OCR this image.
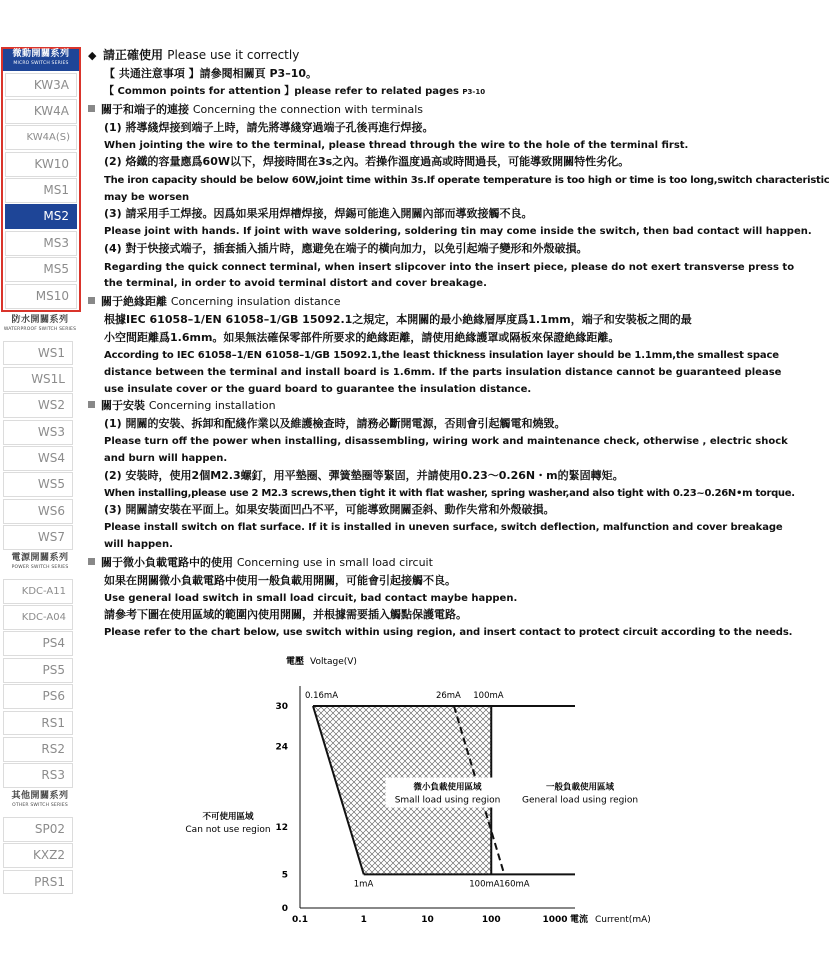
微動開關系列
MICRO SWITCH SERIES
KW3A
KW4A
KW4A(S)
KW10
MS1
MS2
MS3
MS5
MS10
防水開關系列
WATERPROOF SWITCH SERIES
WS1
WS1L
WS2
WS3
WS4
WS5
WS6
WS7
電源開關系列
POWER SWITCH SERIES
KDC-A11
KDC-A04
PS4
PS5
PS6
RS1
RS2
RS3
其他開關系列
OTHER SWITCH SERIES
SP02
KXZ2
PRS1
◆ 請正確使用 Please use it correctly
【 共通注意事項 】請參閱相關頁 P3–10。
【 Common points for attention 】please refer to related pages P3-10
關于和端子的連接 Concerning the connection with terminals
(1) 將導綫焊接到端子上時，請先將導綫穿過端子孔後再進行焊接。
When jointing the wire to the terminal, please thread through the wire to the hole of the terminal first.
(2) 烙鐵的容量應爲60W以下，焊接時間在3s之內。若操作溫度過高或時間過長，可能導致開關特性劣化。
The iron capacity should be below 60W,joint time within 3s.If operate temperature is too high or time is too long,switch characteristic
may be worsen
(3) 請采用手工焊接。因爲如果采用焊槽焊接，焊錫可能進入開關內部而導致接觸不良。
Please joint with hands. If joint with wave soldering, soldering tin may come inside the switch, then bad contact will happen.
(4) 對于快接式端子，插套插入插片時，應避免在端子的橫向加力，以免引起端子變形和外殼破損。
Regarding the quick connect terminal, when insert slipcover into the insert piece, please do not exert transverse press to
the terminal, in order to avoid terminal distort and cover breakage.
關于絶緣距離 Concerning insulation distance
根據IEC 61058–1/EN 61058–1/GB 15092.1之規定，本開關的最小絶緣層厚度爲1.1mm，端子和安裝板之間的最
小空間距離爲1.6mm。如果無法確保零部件所要求的絶緣距離，請使用絶緣護罩或隔板來保證絶緣距離。
According to IEC 61058–1/EN 61058–1/GB 15092.1,the least thickness insulation layer should be 1.1mm,the smallest space
distance between the terminal and install board is 1.6mm. If the parts insulation distance cannot be guaranteed please
use insulate cover or the guard board to guarantee the insulation distance.
關于安裝 Concerning installation
(1) 開關的安裝、拆卸和配綫作業以及維護檢查時，請務必斷開電源，否則會引起觸電和燒毀。
Please turn off the power when installing, disassembling, wiring work and maintenance check, otherwise , electric shock
and burn will happen.
(2) 安裝時，使用2個M2.3螺釘，用平墊圈、彈簧墊圈等緊固，并請使用0.23～0.26N・m的緊固轉矩。
When installing,please use 2 M2.3 screws,then tight it with flat washer, spring washer,and also tight with 0.23~0.26N•m torque.
(3) 開關請安裝在平面上。如果安裝面凹凸不平，可能導致開關歪斜、動作失常和外殼破損。
Please install switch on flat surface. If it is installed in uneven surface, switch deflection, malfunction and cover breakage
will happen.
關于微小負載電路中的使用 Concerning use in small load circuit
如果在開關微小負載電路中使用一般負載用開關，可能會引起接觸不良。
Use general load switch in small load circuit, bad contact maybe happen.
請參考下圖在使用區域的範圍內使用開關，并根據需要插入觸點保護電路。
Please refer to the chart below, use switch within using region, and insert contact to protect circuit according to the needs.
0.1	1	10	100	1000
0
5
12
24
30
電壓 Voltage(V)
電流 Current(mA)
0.16mA	26mA 100mA
1mA	100mA 160mA
微小負載使用區域
Small load using region
一般負載使用區域
General load using region
不可使用區域
Can not use region
